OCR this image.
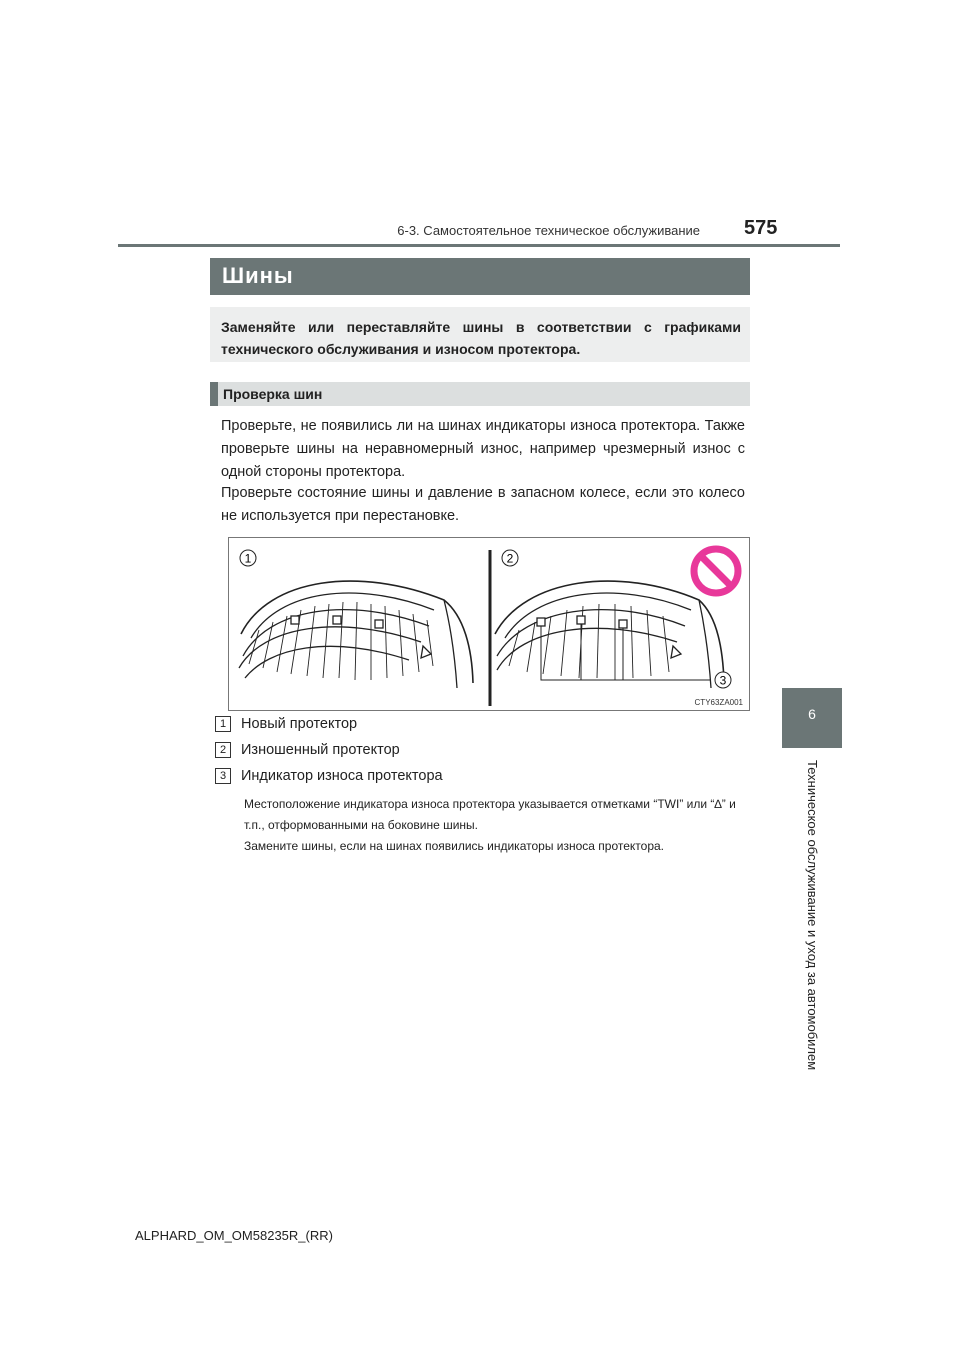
6-3. Самостоятельное техническое обслуживание 575
6
Техническое обслуживание и уход за автомобилем
Шины
Заменяйте или переставляйте шины в соответствии с графиками технического обслуживания и износом протектора.
Проверка шин
Проверьте, не появились ли на шинах индикаторы износа протектора. Также проверьте шины на неравномерный износ, например чрезмерный износ с одной стороны протектора.
Проверьте состояние шины и давление в запасном колесе, если это колесо не используется при перестановке.
1	2
3
CTY63ZA001
1 Новый протектор
2 Изношенный протектор
3 Индикатор износа протектора
Местоположение индикатора износа протектора указывается отметками “TWI” или “∆” и т.п., отформованными на боковине шины.
Замените шины, если на шинах появились индикаторы износа протектора.
ALPHARD_OM_OM58235R_(RR)
